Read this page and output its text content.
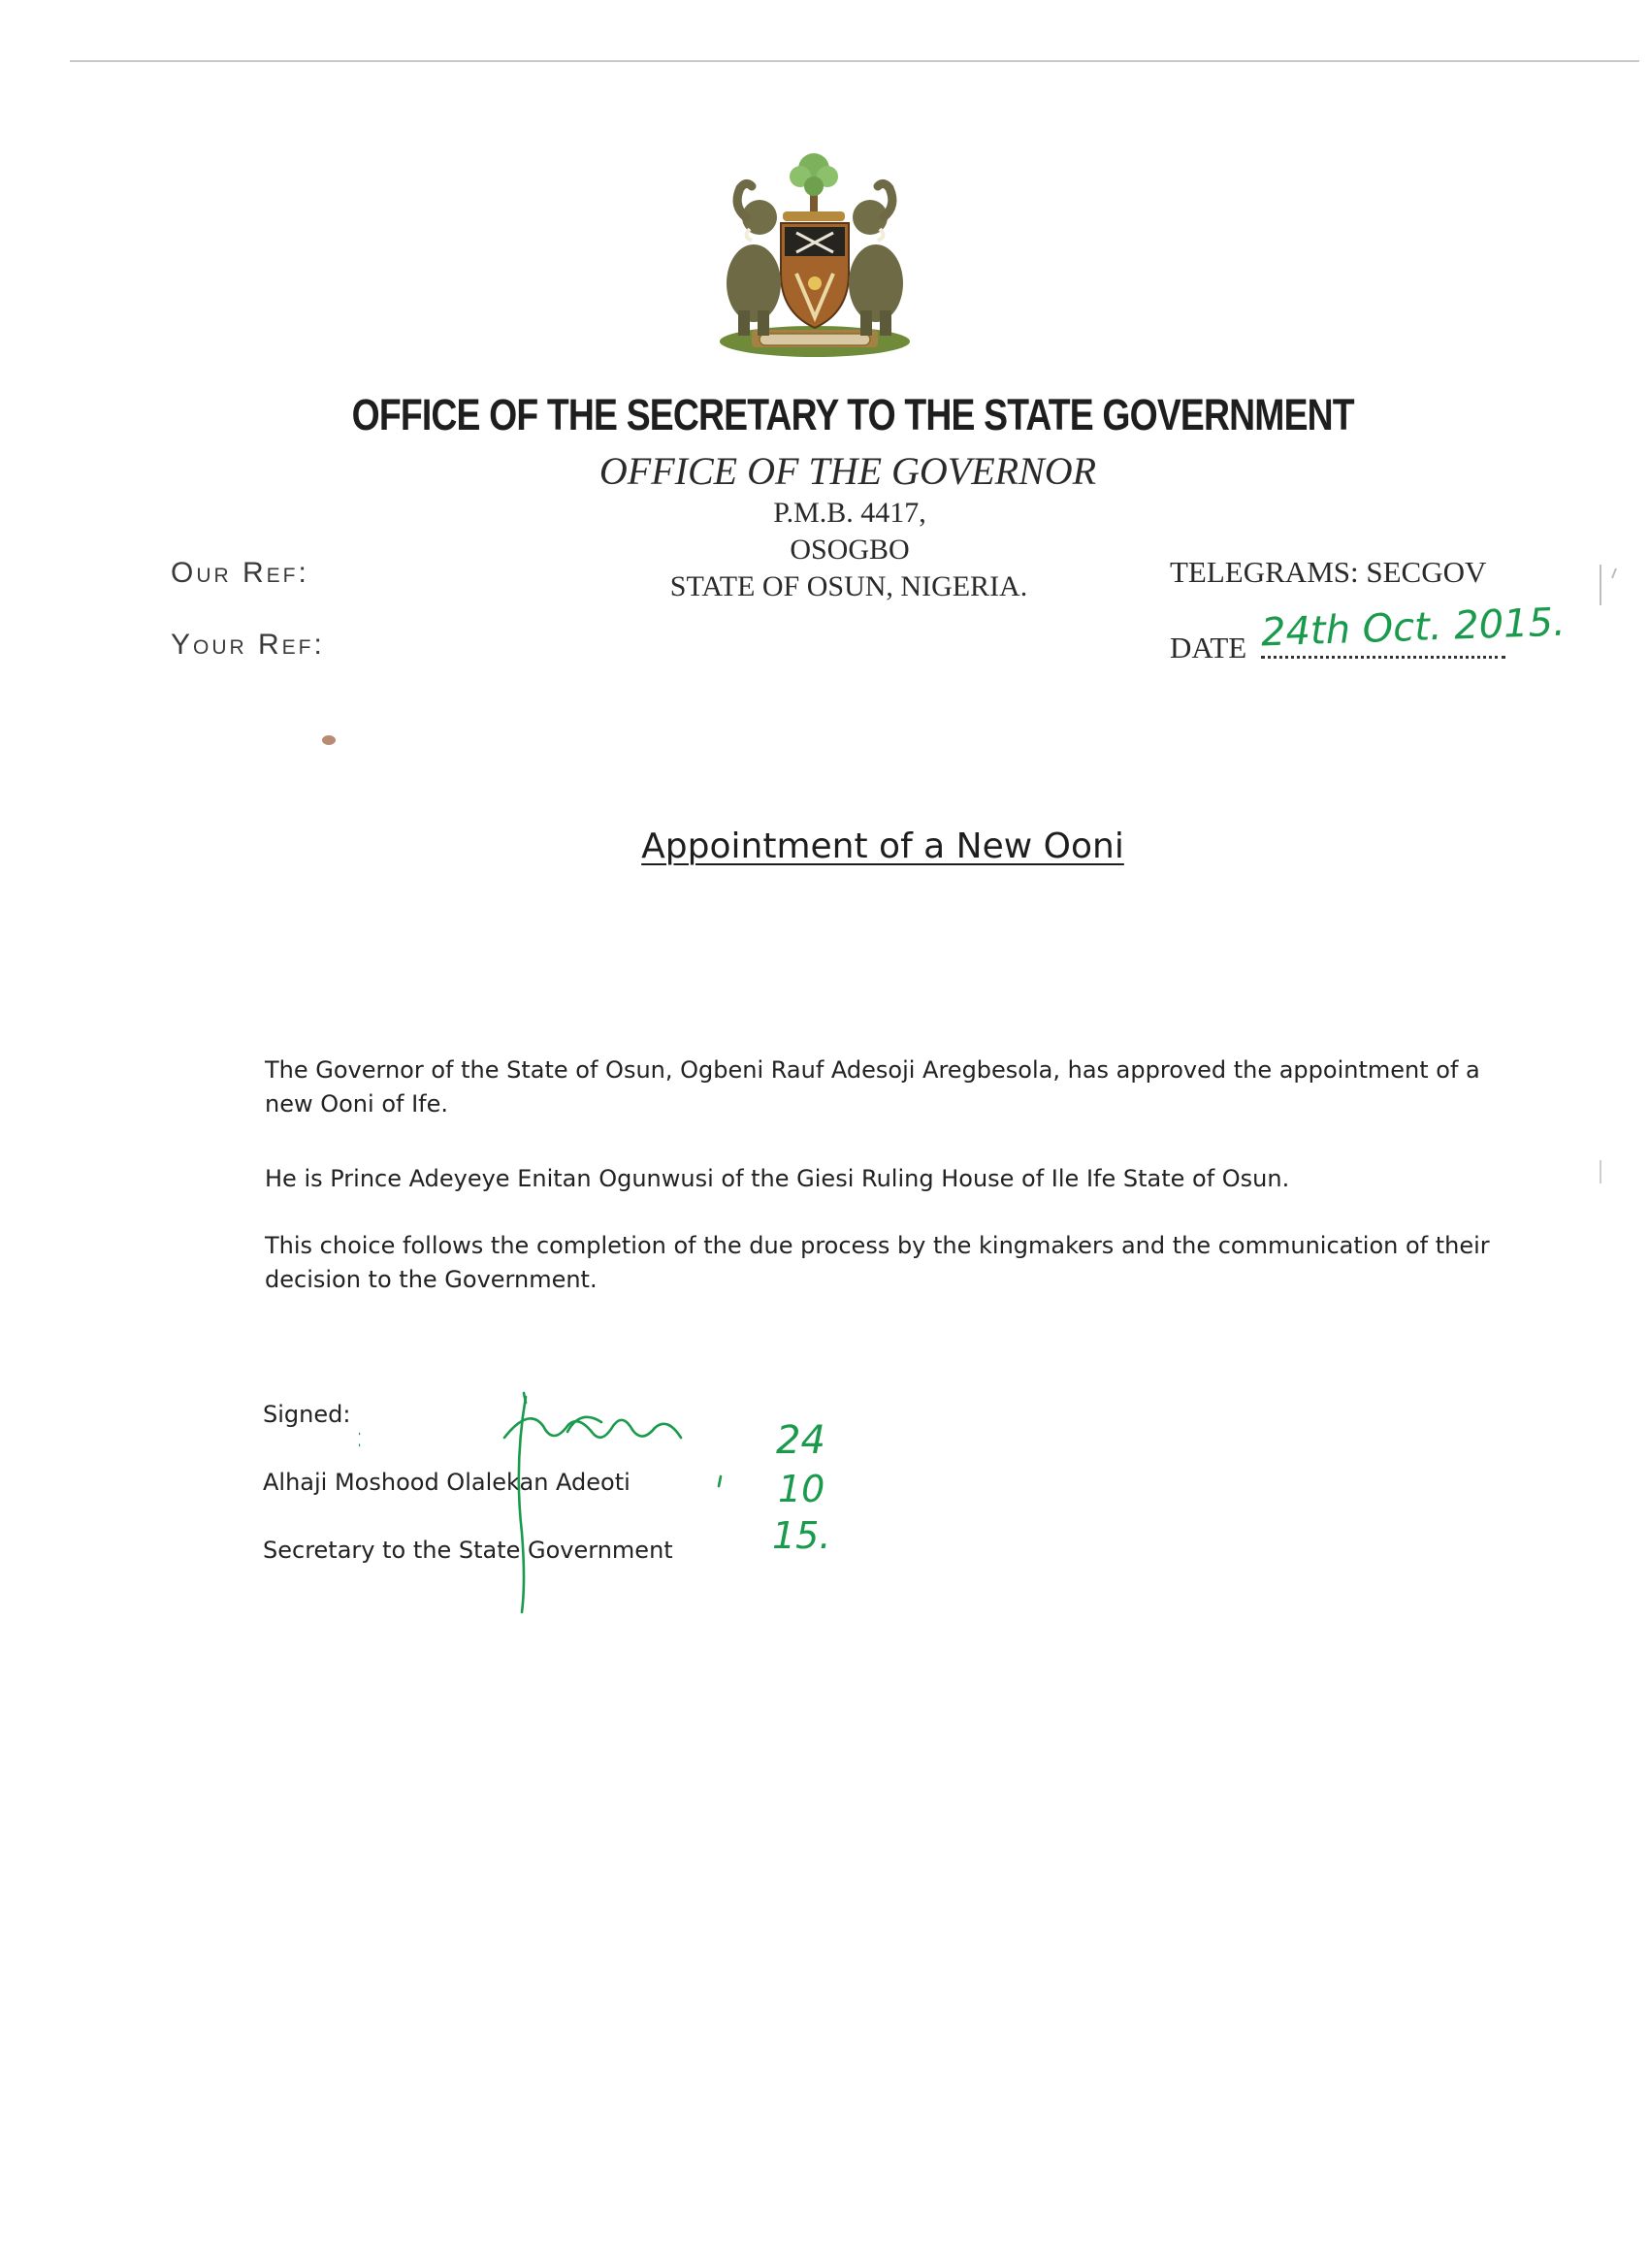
OFFICE OF THE SECRETARY TO THE STATE GOVERNMENT
OFFICE OF THE GOVERNOR
P.M.B. 4417,
OSOGBO
STATE OF OSUN, NIGERIA.
Our Ref:
Your Ref:
TELEGRAMS: SECGOV
DATE 24th Oct. 2015.
Appointment of a New Ooni
The Governor of the State of Osun, Ogbeni Rauf Adesoji Aregbesola, has approved the appointment of a new Ooni of Ife.
He is Prince Adeyeye Enitan Ogunwusi of the Giesi Ruling House of Ile Ife State of Osun.
This choice follows the completion of the due process by the kingmakers and the communication of their decision to the Government.
Signed:
Alhaji Moshood Olalekan Adeoti
Secretary to the State Government
24
10
15.
